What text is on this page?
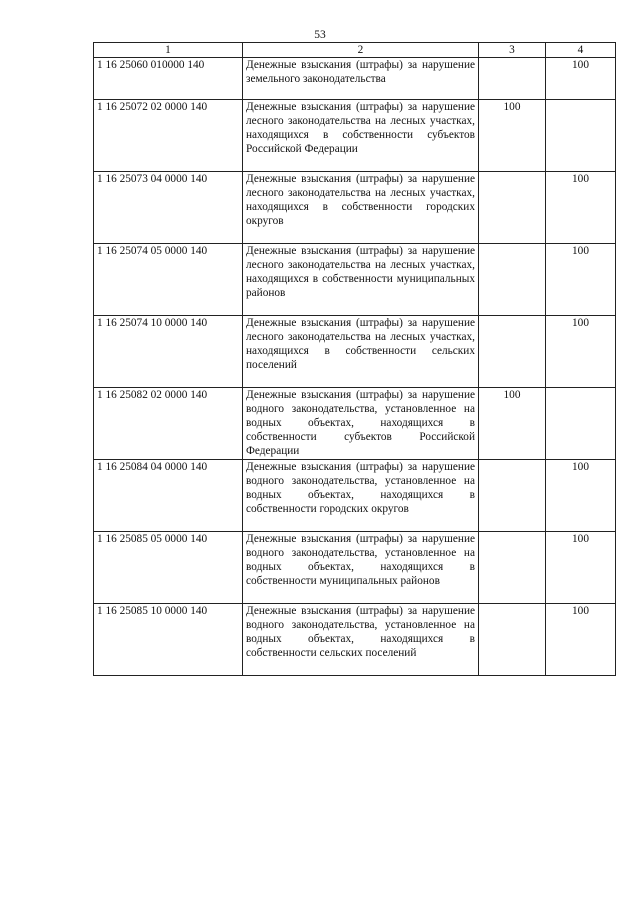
53
1	2	3	4
1 16 25060 010000 140	Денежные взыскания (штрафы) за нарушение земельного законодательства		100
1 16 25072 02 0000 140	Денежные взыскания (штрафы) за нарушение лесного законодательства на лесных участках, находящихся в собственности субъектов Российской Федерации	100	
1 16 25073 04 0000 140	Денежные взыскания (штрафы) за нарушение лесного законодательства на лесных участках, находящихся в собственности городских округов		100
1 16 25074 05 0000 140	Денежные взыскания (штрафы) за нарушение лесного законодательства на лесных участках, находящихся в собственности муниципальных районов		100
1 16 25074 10 0000 140	Денежные взыскания (штрафы) за нарушение лесного законодательства на лесных участках, находящихся в собственности сельских поселений		100
1 16 25082 02 0000 140	Денежные взыскания (штрафы) за нарушение водного законодательства, установленное на водных объектах, находящихся в собственности субъектов Российской Федерации	100	
1 16 25084 04 0000 140	Денежные взыскания (штрафы) за нарушение водного законодательства, установленное на водных объектах, находящихся в собственности городских округов		100
1 16 25085 05 0000 140	Денежные взыскания (штрафы) за нарушение водного законодательства, установленное на водных объектах, находящихся в собственности муниципальных районов		100
1 16 25085 10 0000 140	Денежные взыскания (штрафы) за нарушение водного законодательства, установленное на водных объектах, находящихся в собственности сельских поселений		100
